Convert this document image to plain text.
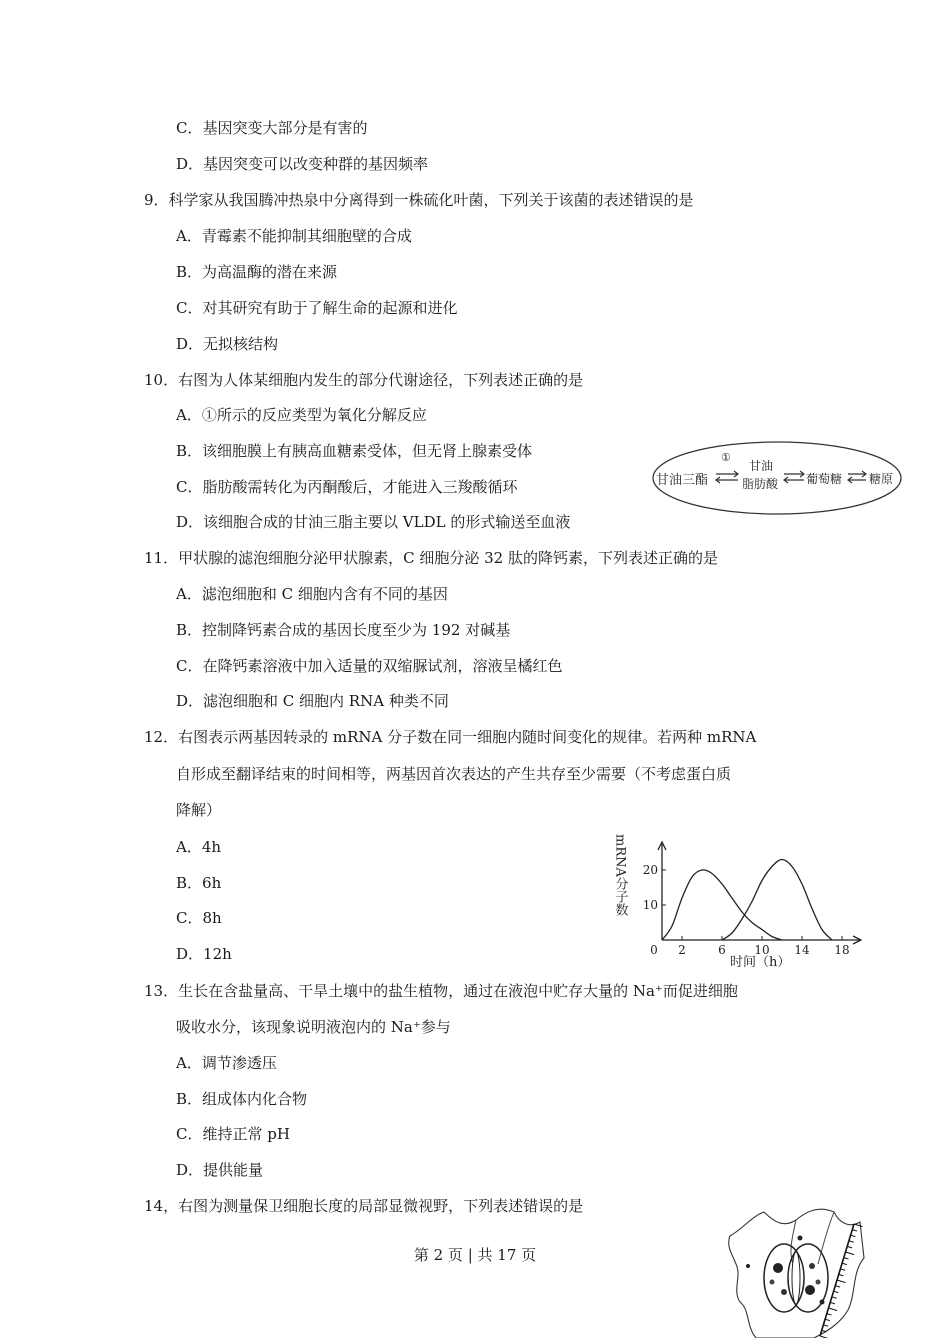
C．基因突变大部分是有害的
D．基因突变可以改变种群的基因频率
9．科学家从我国腾冲热泉中分离得到一株硫化叶菌，下列关于该菌的表述错误的是
A．青霉素不能抑制其细胞壁的合成
B．为高温酶的潜在来源
C．对其研究有助于了解生命的起源和进化
D．无拟核结构
10．右图为人体某细胞内发生的部分代谢途径，下列表述正确的是
A．①所示的反应类型为氧化分解反应
B．该细胞膜上有胰高血糖素受体，但无肾上腺素受体
C．脂肪酸需转化为丙酮酸后，才能进入三羧酸循环
D．该细胞合成的甘油三脂主要以 VLDL 的形式输送至血液
11．甲状腺的滤泡细胞分泌甲状腺素，C 细胞分泌 32 肽的降钙素，下列表述正确的是
A．滤泡细胞和 C 细胞内含有不同的基因
B．控制降钙素合成的基因长度至少为 192 对碱基
C．在降钙素溶液中加入适量的双缩脲试剂，溶液呈橘红色
D．滤泡细胞和 C 细胞内 RNA 种类不同
12．右图表示两基因转录的 mRNA 分子数在同一细胞内随时间变化的规律。若两种 mRNA
自形成至翻译结束的时间相等，两基因首次表达的产生共存至少需要（不考虑蛋白质
降解）
A．4h
B．6h
C．8h
D．12h
13．生长在含盐量高、干旱土壤中的盐生植物，通过在液泡中贮存大量的 Na⁺而促进细胞
吸收水分，该现象说明液泡内的 Na⁺参与
A．调节渗透压
B．组成体内化合物
C．维持正常 pH
D．提供能量
14，右图为测量保卫细胞长度的局部显微视野，下列表述错误的是
甘油三酯
①
甘油
脂肪酸 葡萄糖 糖原
mRNA分子数
0 2	6 10 14 18
10
20
时间（h）
第 2 页 | 共 17 页
